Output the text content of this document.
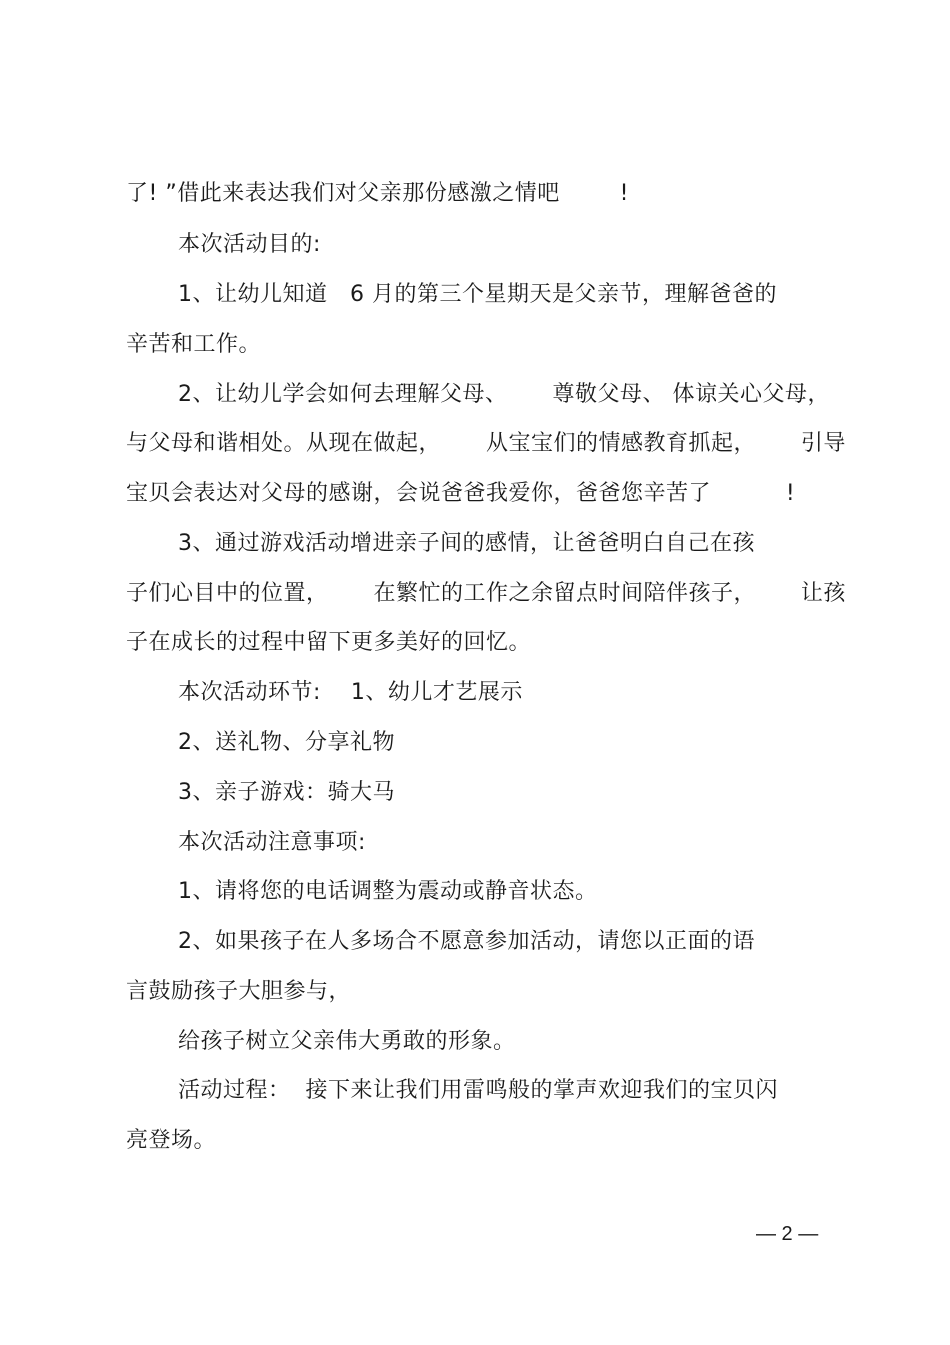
了! ”借此来表达我们对父亲那份感激之情吧        !
本次活动目的:
1、让幼儿知道   6 月的第三个星期天是父亲节，理解爸爸的
辛苦和工作。
2、让幼儿学会如何去理解父母、      尊敬父母、 体谅关心父母，
与父母和谐相处。从现在做起，      从宝宝们的情感教育抓起，      引导
宝贝会表达对父母的感谢，会说爸爸我爱你，爸爸您辛苦了          !
3、通过游戏活动增进亲子间的感情，让爸爸明白自己在孩
子们心目中的位置，      在繁忙的工作之余留点时间陪伴孩子，      让孩
子在成长的过程中留下更多美好的回忆。
本次活动环节:    1、幼儿才艺展示
2、送礼物、分享礼物
3、亲子游戏：骑大马
本次活动注意事项:
1、请将您的电话调整为震动或静音状态。
2、如果孩子在人多场合不愿意参加活动，请您以正面的语
言鼓励孩子大胆参与，
给孩子树立父亲伟大勇敢的形象。
活动过程：  接下来让我们用雷鸣般的掌声欢迎我们的宝贝闪
亮登场。
— 2 —
